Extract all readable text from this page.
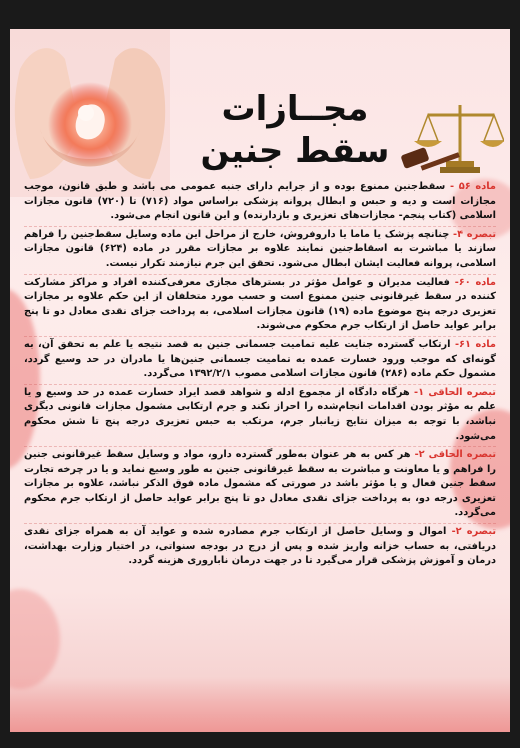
مجــازات
سقط جنین

ماده ۵۶ - سقط‌جنین ممنوع بوده و از جرایم دارای جنبه عمومی می باشد و طبق قانون، موجب مجازات است و دیه و حبس و ابطال پروانه پزشکی براساس مواد (۷۱۶) تا (۷۲۰) قانون مجازات اسلامی (کتاب پنجم- مجازات‌های تعزیری و بازدارنده) و این قانون انجام می‌شود.

تبصره ۴- چنانچه پزشک یا ماما یا داروفروش، خارج از مراحل این ماده وسایل سقط‌جنین را فراهم سازند یا مباشرت به اسقاط‌جنین نمایند علاوه بر مجازات مقرر در ماده (۶۲۴) قانون مجازات اسلامی، پروانه فعالیت ایشان ابطال می‌شود. تحقق این جرم نیازمند تکرار نیست.

ماده ۶۰- فعالیت مدیران و عوامل مؤثر در بسترهای مجازی معرفی‌کننده افراد و مراکز مشارکت کننده در سقط غیرقانونی جنین ممنوع است و حسب مورد متخلفان از این حکم علاوه بر مجازات تعزیری درجه پنج موضوع ماده (۱۹) قانون مجازات اسلامی، به پرداخت جزای نقدی معادل دو تا پنج برابر عواید حاصل از ارتکاب جرم محکوم می‌شوند.

ماده ۶۱- ارتکاب گسترده جنایت علیه تمامیت جسمانی جنین به قصد نتیجه یا علم به تحقق آن، به گونه‌ای که موجب ورود خسارت عمده به تمامیت جسمانی جنین‌ها یا مادران در حد وسیع گردد، مشمول حکم ماده (۲۸۶) قانون مجازات اسلامی مصوب ۱۳۹۲/۲/۱ می‌گردد.

تبصره الحاقی ۱- هرگاه دادگاه از مجموع ادله و شواهد قصد ایراد خسارت عمده در حد وسیع و یا علم به مؤثر بودن اقدامات انجام‌شده را احراز نکند و جرم ارتکابی مشمول مجازات قانونی دیگری نباشد، با توجه به میزان نتایج زیانبار جرم، مرتکب به حبس تعزیری درجه پنج تا شش محکوم می‌شود.

تبصره الحاقی ۲- هر کس به هر عنوان به‌طور گسترده دارو، مواد و وسایل سقط غیرقانونی جنین را فراهم و یا معاونت و مباشرت به سقط غیرقانونی جنین به طور وسیع نماید و یا در چرخه تجارت سقط جنین فعال و یا مؤثر باشد در صورتی که مشمول ماده فوق الذکر نباشد، علاوه بر مجازات تعزیری درجه دو، به پرداخت جزای نقدی معادل دو تا پنج برابر عواید حاصل از ارتکاب جرم محکوم می‌گردد.

تبصره ۲- اموال و وسایل حاصل از ارتکاب جرم مصادره شده و عواید آن به همراه جزای نقدی دریافتی، به حساب خزانه واریز شده و پس از درج در بودجه سنواتی، در اختیار وزارت بهداشت، درمان و آموزش پزشکی قرار می‌گیرد تا در جهت درمان ناباروری هزینه گردد.
